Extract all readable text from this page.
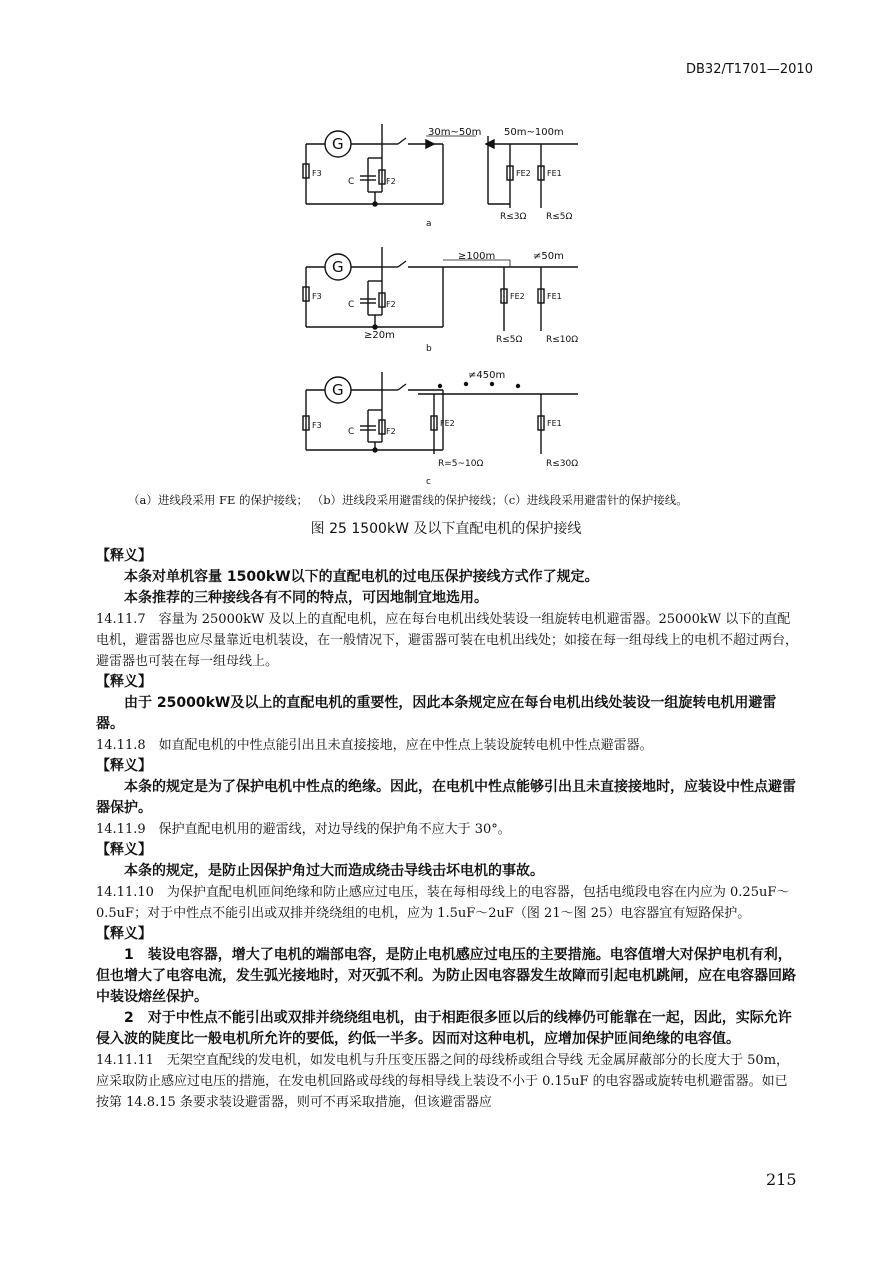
DB32/T1701—2010
G
F3
C	F2
30m~50m
FE2 FE1
50m~100m
R≤3Ω R≤5Ω
a
G
F3
C	F2
≥20m
≥100m
FE2	FE1
≠50m
R≤5Ω	R≤10Ω
b
G
F3
C	F2
≠450m
FE2	FE1
R=5~10Ω	R≤30Ω
c
（a）进线段采用 FE 的保护接线； （b）进线段采用避雷线的保护接线；（c）进线段采用避雷针的保护接线。
图 25 1500kW 及以下直配电机的保护接线

【释义】

本条对单机容量 1500kW以下的直配电机的过电压保护接线方式作了规定。

本条推荐的三种接线各有不同的特点，可因地制宜地选用。

14.11.7　容量为 25000kW 及以上的直配电机，应在每台电机出线处装设一组旋转电机避雷器。25000kW 以下的直配电机，避雷器也应尽量靠近电机装设，在一般情况下，避雷器可装在电机出线处；如接在每一组母线上的电机不超过两台，避雷器也可装在每一组母线上。

【释义】

由于 25000kW及以上的直配电机的重要性，因此本条规定应在每台电机出线处装设一组旋转电机用避雷器。

14.11.8　如直配电机的中性点能引出且未直接接地，应在中性点上装设旋转电机中性点避雷器。

【释义】

本条的规定是为了保护电机中性点的绝缘。因此，在电机中性点能够引出且未直接接地时，应装设中性点避雷器保护。

14.11.9　保护直配电机用的避雷线，对边导线的保护角不应大于 30°。

【释义】

本条的规定，是防止因保护角过大而造成绕击导线击坏电机的事故。

14.11.10　为保护直配电机匝间绝缘和防止感应过电压，装在每相母线上的电容器，包括电缆段电容在内应为 0.25uF～0.5uF；对于中性点不能引出或双排并绕绕组的电机，应为 1.5uF～2uF（图 21～图 25）电容器宜有短路保护。

【释义】

1　装设电容器，增大了电机的端部电容，是防止电机感应过电压的主要措施。电容值增大对保护电机有利，但也增大了电容电流，发生弧光接地时，对灭弧不利。为防止因电容器发生故障而引起电机跳闸，应在电容器回路中装设熔丝保护。

2　对于中性点不能引出或双排并绕绕组电机，由于相距很多匝以后的线棒仍可能靠在一起，因此，实际允许侵入波的陡度比一般电机所允许的要低，约低一半多。因而对这种电机，应增加保护匝间绝缘的电容值。

14.11.11　无架空直配线的发电机，如发电机与升压变压器之间的母线桥或组合导线 无金属屏蔽部分的长度大于 50m，应采取防止感应过电压的措施，在发电机回路或母线的每相导线上装设不小于 0.15uF 的电容器或旋转电机避雷器。如已按第 14.8.15 条要求装设避雷器，则可不再采取措施，但该避雷器应

215
